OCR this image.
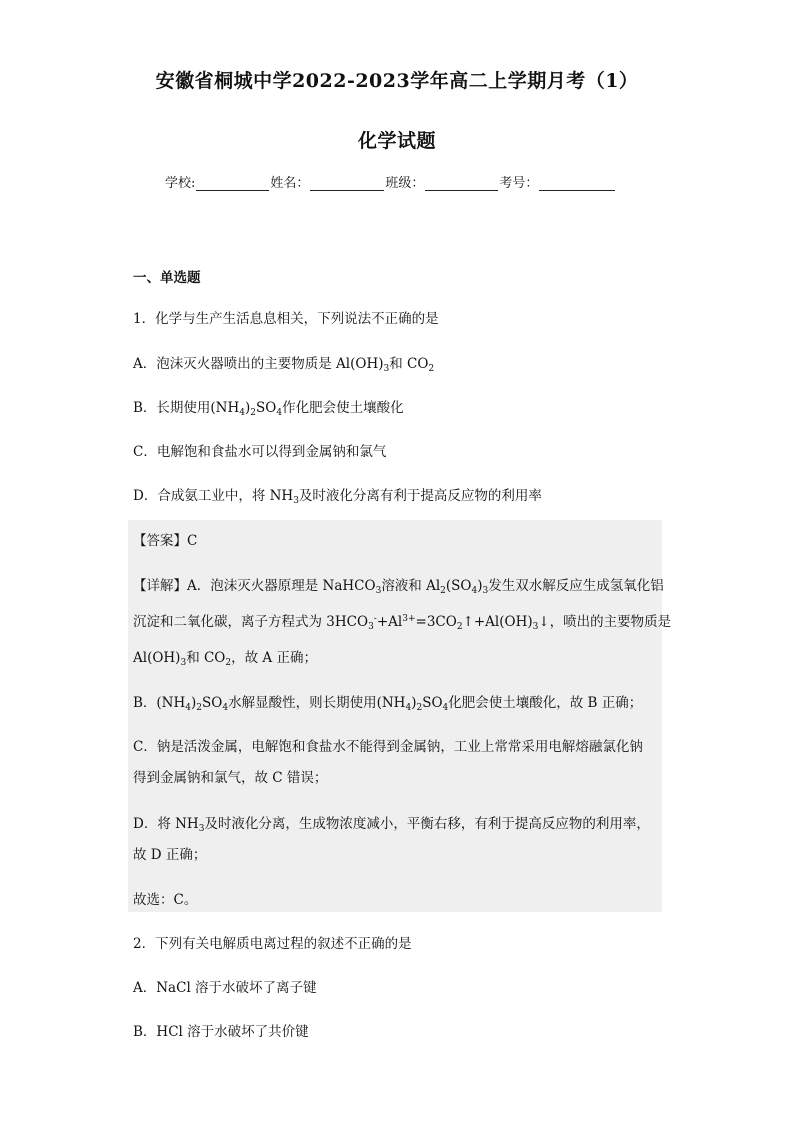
安徽省桐城中学2022-2023学年高二上学期月考（1）
化学试题
学校:	姓名：	班级：	考号：
一、单选题
1．化学与生产生活息息相关，下列说法不正确的是
A．泡沫灭火器喷出的主要物质是 $Al(OH)_3$和 $CO_2$
B．长期使用$(NH_4)_2SO_4$作化肥会使土壤酸化
C．电解饱和食盐水可以得到金属钠和氯气
D．合成氨工业中，将 $NH_3$及时液化分离有利于提高反应物的利用率
【答案】C
【详解】A．泡沫灭火器原理是 NaHCO$_3$溶液和 $Al_2(SO_4)_3$发生双水解反应生成氢氧化铝
沉淀和二氧化碳，离子方程式为 $3HCO_3^-+Al^{3+}=3CO_2↑+Al(OH)_3↓$，喷出的主要物质是
$Al(OH)_3$和 $CO_2$，故 A 正确；
B．$(NH_4)_2SO_4$水解显酸性，则长期使用$(NH_4)_2SO_4$化肥会使土壤酸化，故 B 正确；
C．钠是活泼金属，电解饱和食盐水不能得到金属钠，工业上常常采用电解熔融氯化钠
得到金属钠和氯气，故 C 错误；
D．将 $NH_3$及时液化分离，生成物浓度减小，平衡右移，有利于提高反应物的利用率，
故 D 正确；
故选：C。
2．下列有关电解质电离过程的叙述不正确的是
A．NaCl 溶于水破坏了离子键
B．HCl 溶于水破坏了共价键
